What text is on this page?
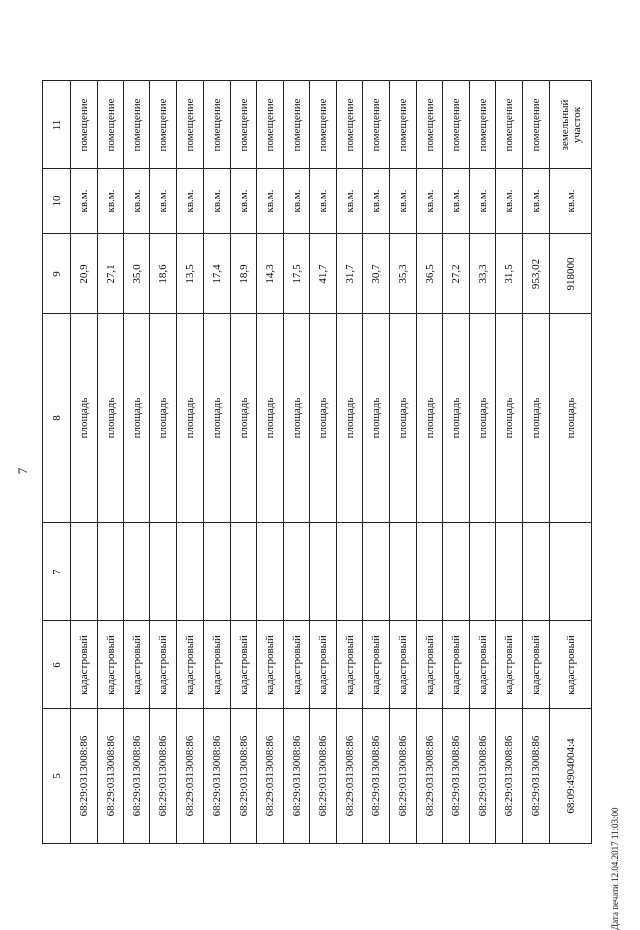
7
Дата печати 12.04.2017 11:03:00
5
6
7
8
9
10
11
68:29:0313008:86
кадастровый
площадь
20,9
кв.м.
помещение
68:29:0313008:86
кадастровый
площадь
27,1
кв.м.
помещение
68:29:0313008:86
кадастровый
площадь
35,0
кв.м.
помещение
68:29:0313008:86
кадастровый
площадь
18,6
кв.м.
помещение
68:29:0313008:86
кадастровый
площадь
13,5
кв.м.
помещение
68:29:0313008:86
кадастровый
площадь
17,4
кв.м.
помещение
68:29:0313008:86
кадастровый
площадь
18,9
кв.м.
помещение
68:29:0313008:86
кадастровый
площадь
14,3
кв.м.
помещение
68:29:0313008:86
кадастровый
площадь
17,5
кв.м.
помещение
68:29:0313008:86
кадастровый
площадь
41,7
кв.м.
помещение
68:29:0313008:86
кадастровый
площадь
31,7
кв.м.
помещение
68:29:0313008:86
кадастровый
площадь
30,7
кв.м.
помещение
68:29:0313008:86
кадастровый
площадь
35,3
кв.м.
помещение
68:29:0313008:86
кадастровый
площадь
36,5
кв.м.
помещение
68:29:0313008:86
кадастровый
площадь
27,2
кв.м.
помещение
68:29:0313008:86
кадастровый
площадь
33,3
кв.м.
помещение
68:29:0313008:86
кадастровый
площадь
31,5
кв.м.
помещение
68:29:0313008:86
кадастровый
площадь
953,02
кв.м.
помещение
68:09:4904004:4
кадастровый
площадь
918000
кв.м.
земельный участок
